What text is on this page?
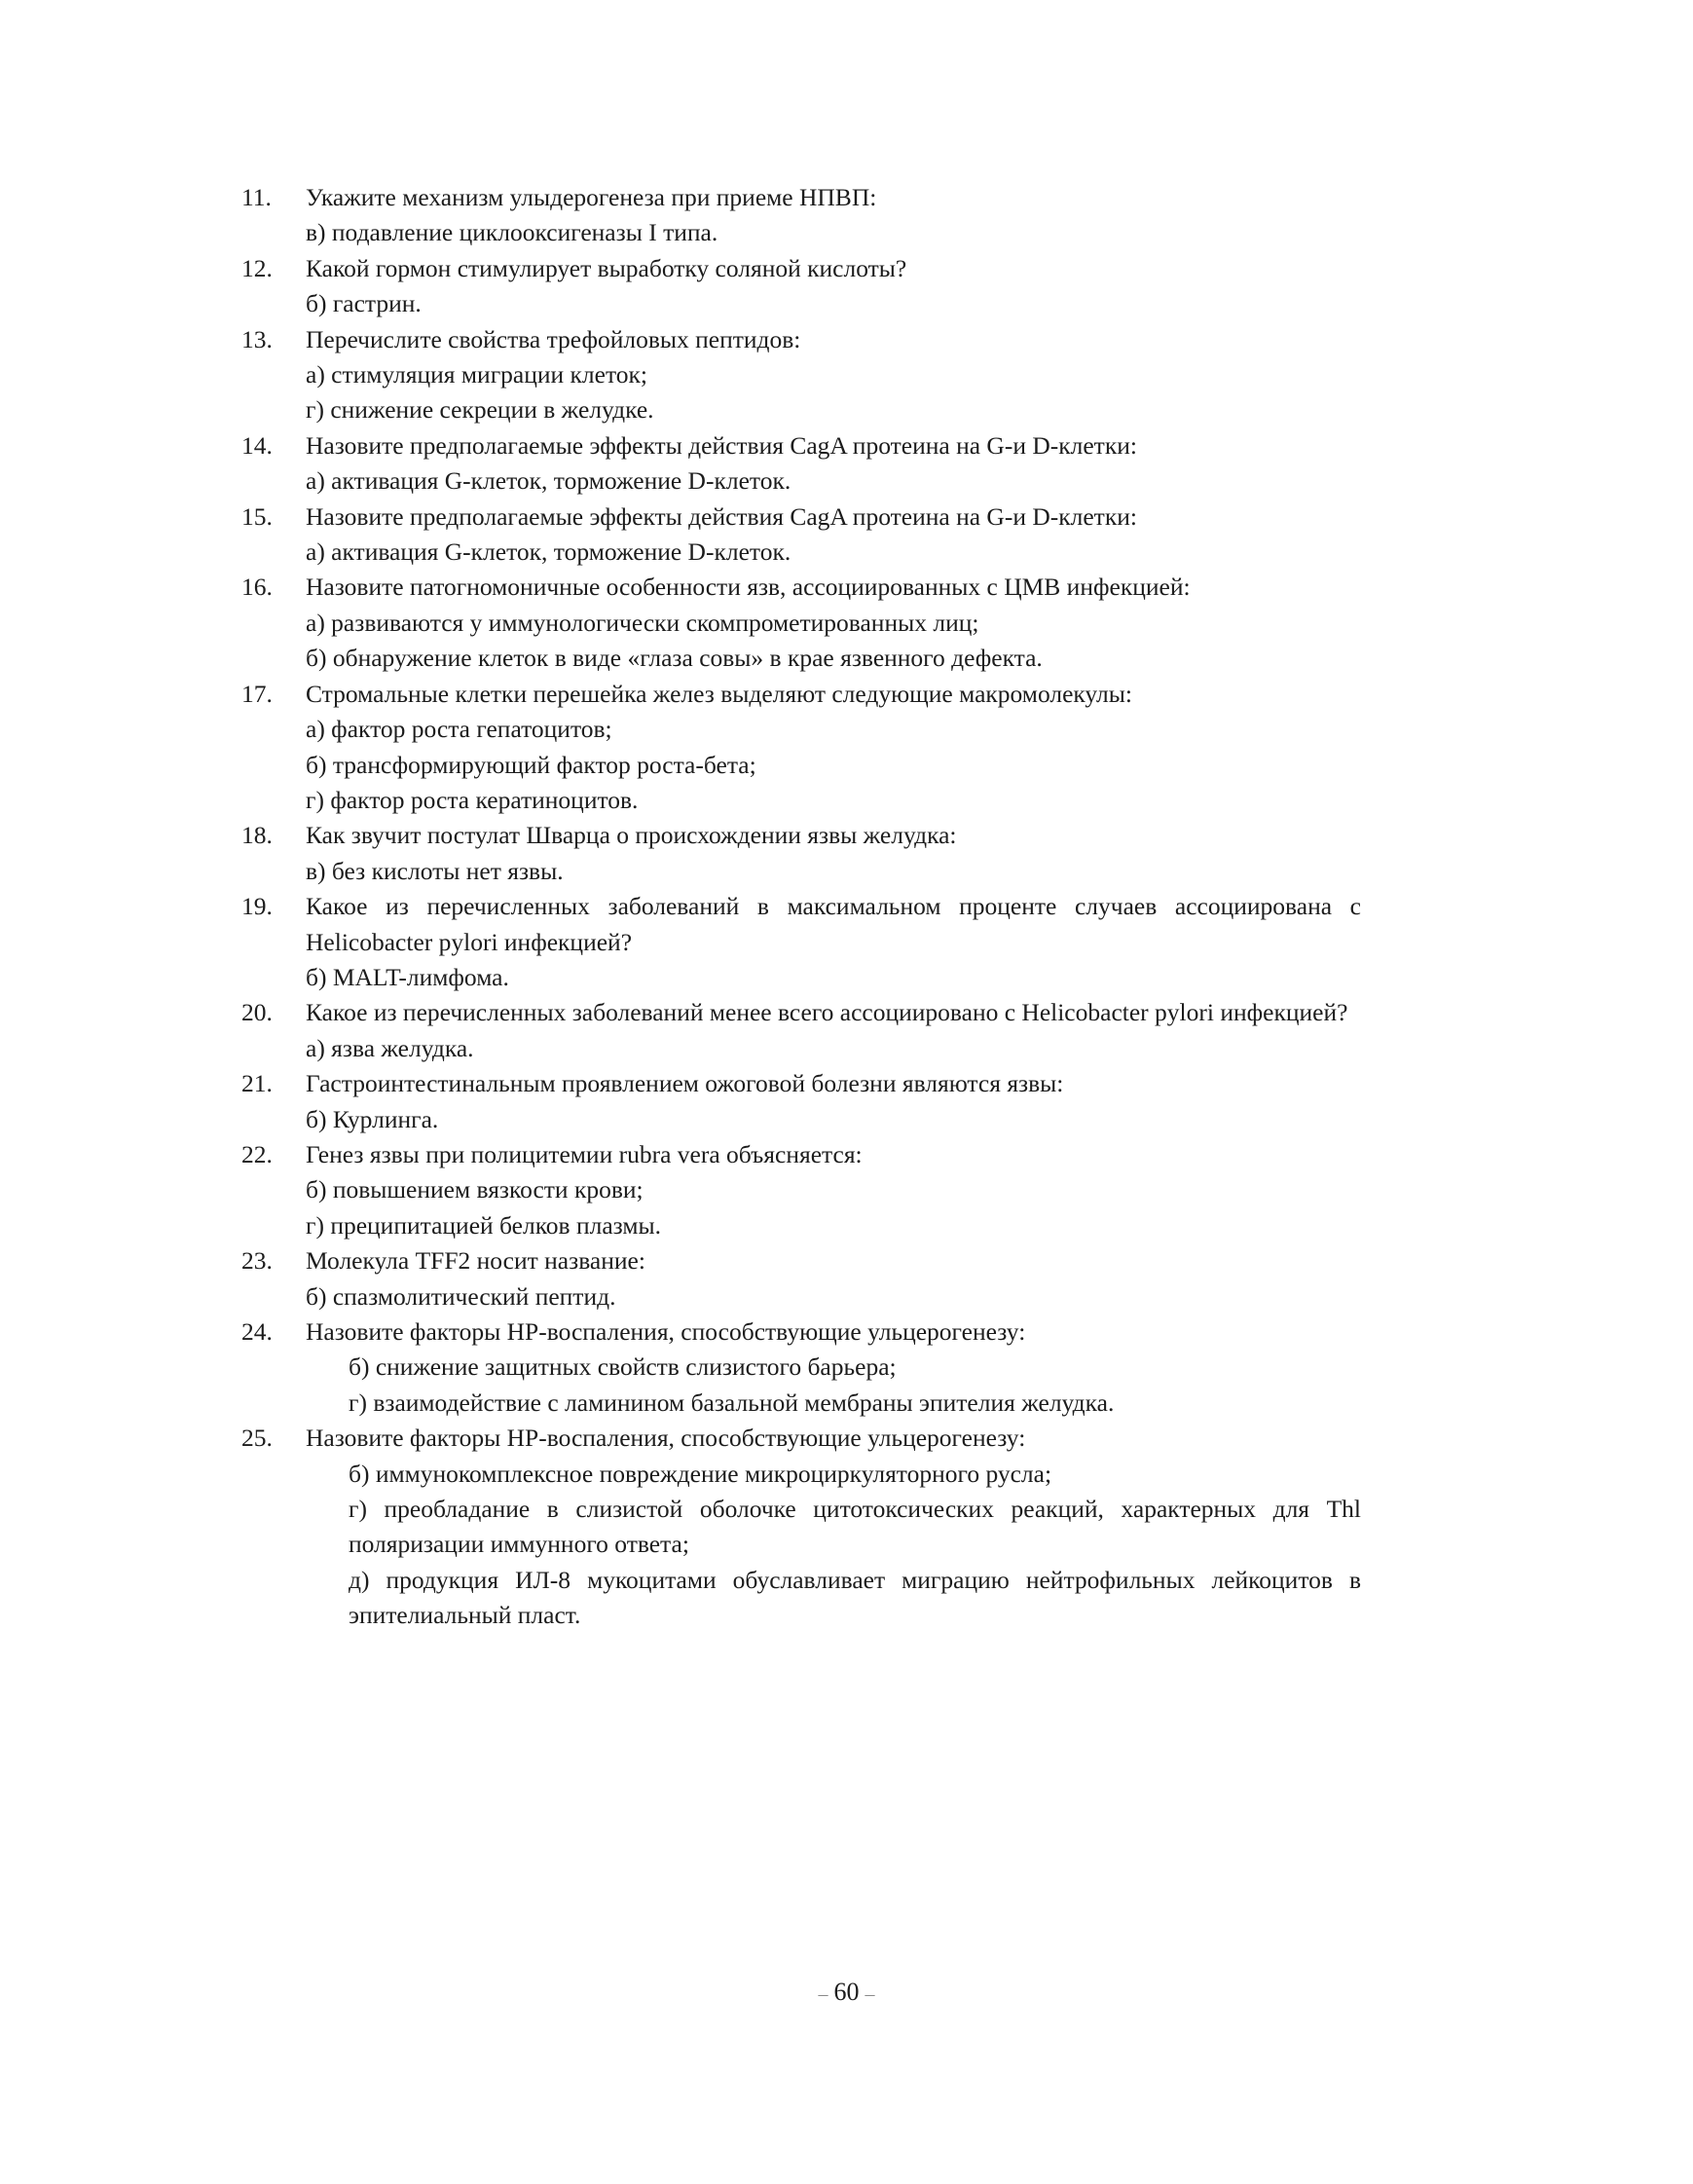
11.	Укажите механизм улыдерогенеза при приеме НПВП:
в) подавление циклооксигеназы I типа.
12.	Какой гормон стимулирует выработку соляной кислоты?
б) гастрин.
13.	Перечислите свойства трефойловых пептидов:
а) стимуляция миграции клеток;
г) снижение секреции в желудке.
14.	Назовите предполагаемые эффекты действия CagA протеина на G-и D-клетки:
а) активация G-клеток, торможение D-клеток.
15.	Назовите предполагаемые эффекты действия CagA протеина на G-и D-клетки:
а) активация G-клеток, торможение D-клеток.
16.	Назовите патогномоничные особенности язв, ассоциированных с ЦМВ инфекцией:
а) развиваются у иммунологически скомпрометированных лиц;
б) обнаружение клеток в виде «глаза совы» в крае язвенного дефекта.
17.	Стромальные клетки перешейка желез выделяют следующие макромолекулы:
а) фактор роста гепатоцитов;
б) трансформирующий фактор роста-бета;
г) фактор роста кератиноцитов.
18.	Как звучит постулат Шварца о происхождении язвы желудка:
в) без кислоты нет язвы.
19.	Какое из перечисленных заболеваний в максимальном проценте случаев ассоциирована с Helicobacter pylori инфекцией?
б) MALT-лимфома.
20.	Какое из перечисленных заболеваний менее всего ассоциировано с Helicobacter pylori инфекцией?
а) язва желудка.
21.	Гастроинтестинальным проявлением ожоговой болезни являются язвы:
б) Курлинга.
22.	Генез язвы при полицитемии rubra vera объясняется:
б) повышением вязкости крови;
г) преципитацией белков плазмы.
23.	Молекула TFF2 носит название:
б) спазмолитический пептид.
24.	Назовите факторы HP-воспаления, способствующие ульцерогенезу:
б) снижение защитных свойств слизистого барьера;
г) взаимодействие с ламинином базальной мембраны эпителия желудка.
25.	Назовите факторы HP-воспаления, способствующие ульцерогенезу:
б) иммунокомплексное повреждение микроциркуляторного русла;
г) преобладание в слизистой оболочке цитотоксических реакций, характерных для Thl поляризации иммунного ответа;
д) продукция ИЛ-8 мукоцитами обуславливает миграцию нейтрофильных лейкоцитов в эпителиальный пласт.
– 60 –
